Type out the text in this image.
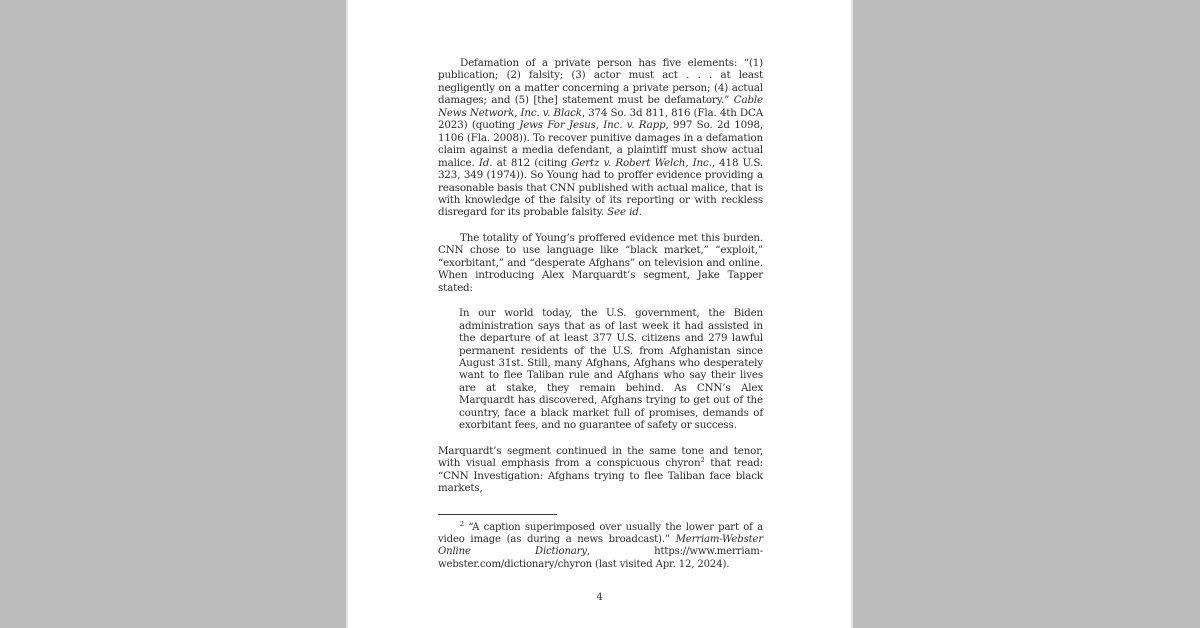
Defamation of a private person has five elements: “(1) publication; (2) falsity; (3) actor must act . . . at least negligently on a matter concerning a private person; (4) actual damages; and (5) [the] statement must be defamatory.” Cable News Network, Inc. v. Black, 374 So. 3d 811, 816 (Fla. 4th DCA 2023) (quoting Jews For Jesus, Inc. v. Rapp, 997 So. 2d 1098, 1106 (Fla. 2008)). To recover punitive damages in a defamation claim against a media defendant, a plaintiff must show actual malice. Id. at 812 (citing Gertz v. Robert Welch, Inc., 418 U.S. 323, 349 (1974)). So Young had to proffer evidence providing a reasonable basis that CNN published with actual malice, that is with knowledge of the falsity of its reporting or with reckless disregard for its probable falsity. See id.

The totality of Young’s proffered evidence met this burden. CNN chose to use language like “black market,” “exploit,” “exorbitant,” and “desperate Afghans” on television and online. When introducing Alex Marquardt’s segment, Jake Tapper stated:

In our world today, the U.S. government, the Biden administration says that as of last week it had assisted in the departure of at least 377 U.S. citizens and 279 lawful permanent residents of the U.S. from Afghanistan since August 31st. Still, many Afghans, Afghans who desperately want to flee Taliban rule and Afghans who say their lives are at stake, they remain behind. As CNN’s Alex Marquardt has discovered, Afghans trying to get out of the country, face a black market full of promises, demands of exorbitant fees, and no guarantee of safety or success.

Marquardt’s segment continued in the same tone and tenor, with visual emphasis from a conspicuous chyron$^2$ that read: “CNN Investigation: Afghans trying to flee Taliban face black markets,

$^2$ “A caption superimposed over usually the lower part of a video image (as during a news broadcast).” Merriam-Webster Online Dictionary, https://www.merriam-webster.com/dictionary/chyron (last visited Apr. 12, 2024).

4
